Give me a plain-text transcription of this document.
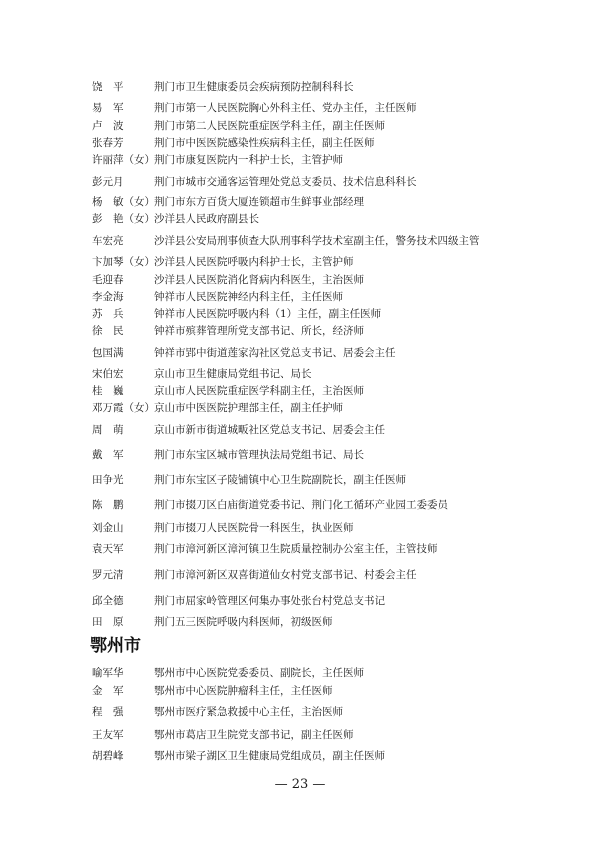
饶　平	荆门市卫生健康委员会疾病预防控制科科长
易　军	荆门市第一人民医院胸心外科主任、党办主任，主任医师
卢　波	荆门市第二人民医院重症医学科主任，副主任医师
张春芳	荆门市中医医院感染性疾病科主任，副主任医师
许丽萍（女） 荆门市康复医院内一科护士长，主管护师
彭元月	荆门市城市交通客运管理处党总支委员、技术信息科科长
杨　敏（女） 荆门市东方百货大厦连锁超市生鲜事业部经理
彭　艳（女） 沙洋县人民政府副县长
车宏亮	沙洋县公安局刑事侦查大队刑事科学技术室副主任，警务技术四级主管
卞加琴（女） 沙洋县人民医院呼吸内科护士长，主管护师
毛迎春	沙洋县人民医院消化肾病内科医生，主治医师
李金海	钟祥市人民医院神经内科主任，主任医师
苏　兵	钟祥市人民医院呼吸内科（1）主任，副主任医师
徐　民	钟祥市殡葬管理所党支部书记、所长，经济师
包国满	钟祥市郢中街道莲家沟社区党总支书记、居委会主任
宋伯宏	京山市卫生健康局党组书记、局长
桂　巍	京山市人民医院重症医学科副主任，主治医师
邓万霞（女） 京山市中医医院护理部主任，副主任护师
周　萌	京山市新市街道城畈社区党总支书记、居委会主任
戴　军	荆门市东宝区城市管理执法局党组书记、局长
田争光	荆门市东宝区子陵铺镇中心卫生院副院长，副主任医师
陈　鹏	荆门市掇刀区白庙街道党委书记、荆门化工循环产业园工委委员
刘金山	荆门市掇刀人民医院骨一科医生，执业医师
袁天军	荆门市漳河新区漳河镇卫生院质量控制办公室主任，主管技师
罗元清	荆门市漳河新区双喜街道仙女村党支部书记、村委会主任
邱全德	荆门市屈家岭管理区何集办事处张台村党总支书记
田　原	荆门五三医院呼吸内科医师，初级医师
鄂州市
喻军华	鄂州市中心医院党委委员、副院长，主任医师
金　军	鄂州市中心医院肿瘤科主任，主任医师
程　强	鄂州市医疗紧急救援中心主任，主治医师
王友军	鄂州市葛店卫生院党支部书记，副主任医师
胡碧峰	鄂州市梁子湖区卫生健康局党组成员，副主任医师
— 23 —
